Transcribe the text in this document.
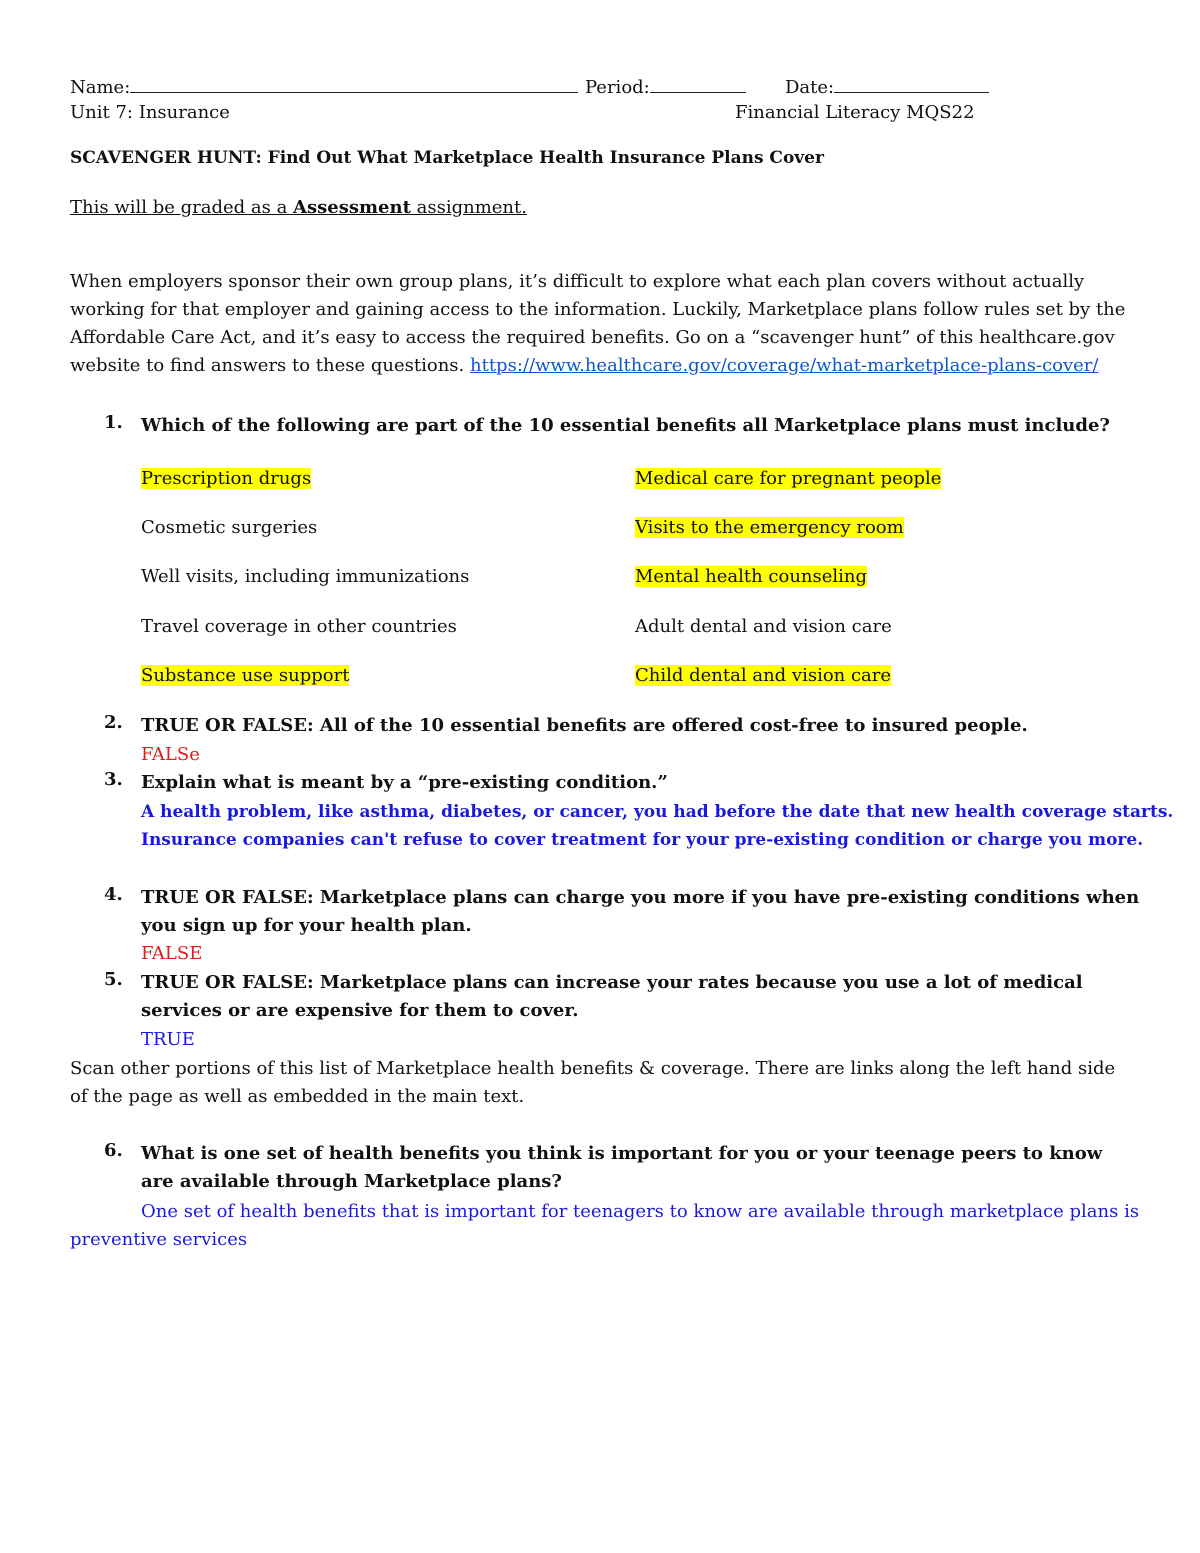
Name:	Period:	Date:
Unit 7: Insurance	Financial Literacy MQS22
SCAVENGER HUNT: Find Out What Marketplace Health Insurance Plans Cover
This will be graded as a Assessment assignment.
When employers sponsor their own group plans, it’s difficult to explore what each plan covers without actually working for that employer and gaining access to the information. Luckily, Marketplace plans follow rules set by the Affordable Care Act, and it’s easy to access the required benefits. Go on a “scavenger hunt” of this healthcare.gov website to find answers to these questions. https://www.healthcare.gov/coverage/what-marketplace-plans-cover/
1. Which of the following are part of the 10 essential benefits all Marketplace plans must include?
Prescription drugs	Medical care for pregnant people
Cosmetic surgeries	Visits to the emergency room
Well visits, including immunizations	Mental health counseling
Travel coverage in other countries	Adult dental and vision care
Substance use support	Child dental and vision care
2. TRUE OR FALSE: All of the 10 essential benefits are offered cost-free to insured people.
FALSe
3. Explain what is meant by a “pre-existing condition.”
A health problem, like asthma, diabetes, or cancer, you had before the date that new health coverage starts.
Insurance companies can't refuse to cover treatment for your pre-existing condition or charge you more.
4. TRUE OR FALSE: Marketplace plans can charge you more if you have pre-existing conditions when you sign up for your health plan.
FALSE
5. TRUE OR FALSE: Marketplace plans can increase your rates because you use a lot of medical services or are expensive for them to cover.
TRUE
Scan other portions of this list of Marketplace health benefits & coverage. There are links along the left hand side of the page as well as embedded in the main text.
6. What is one set of health benefits you think is important for you or your teenage peers to know are available through Marketplace plans?
One set of health benefits that is important for teenagers to know are available through marketplace plans is
preventive services
